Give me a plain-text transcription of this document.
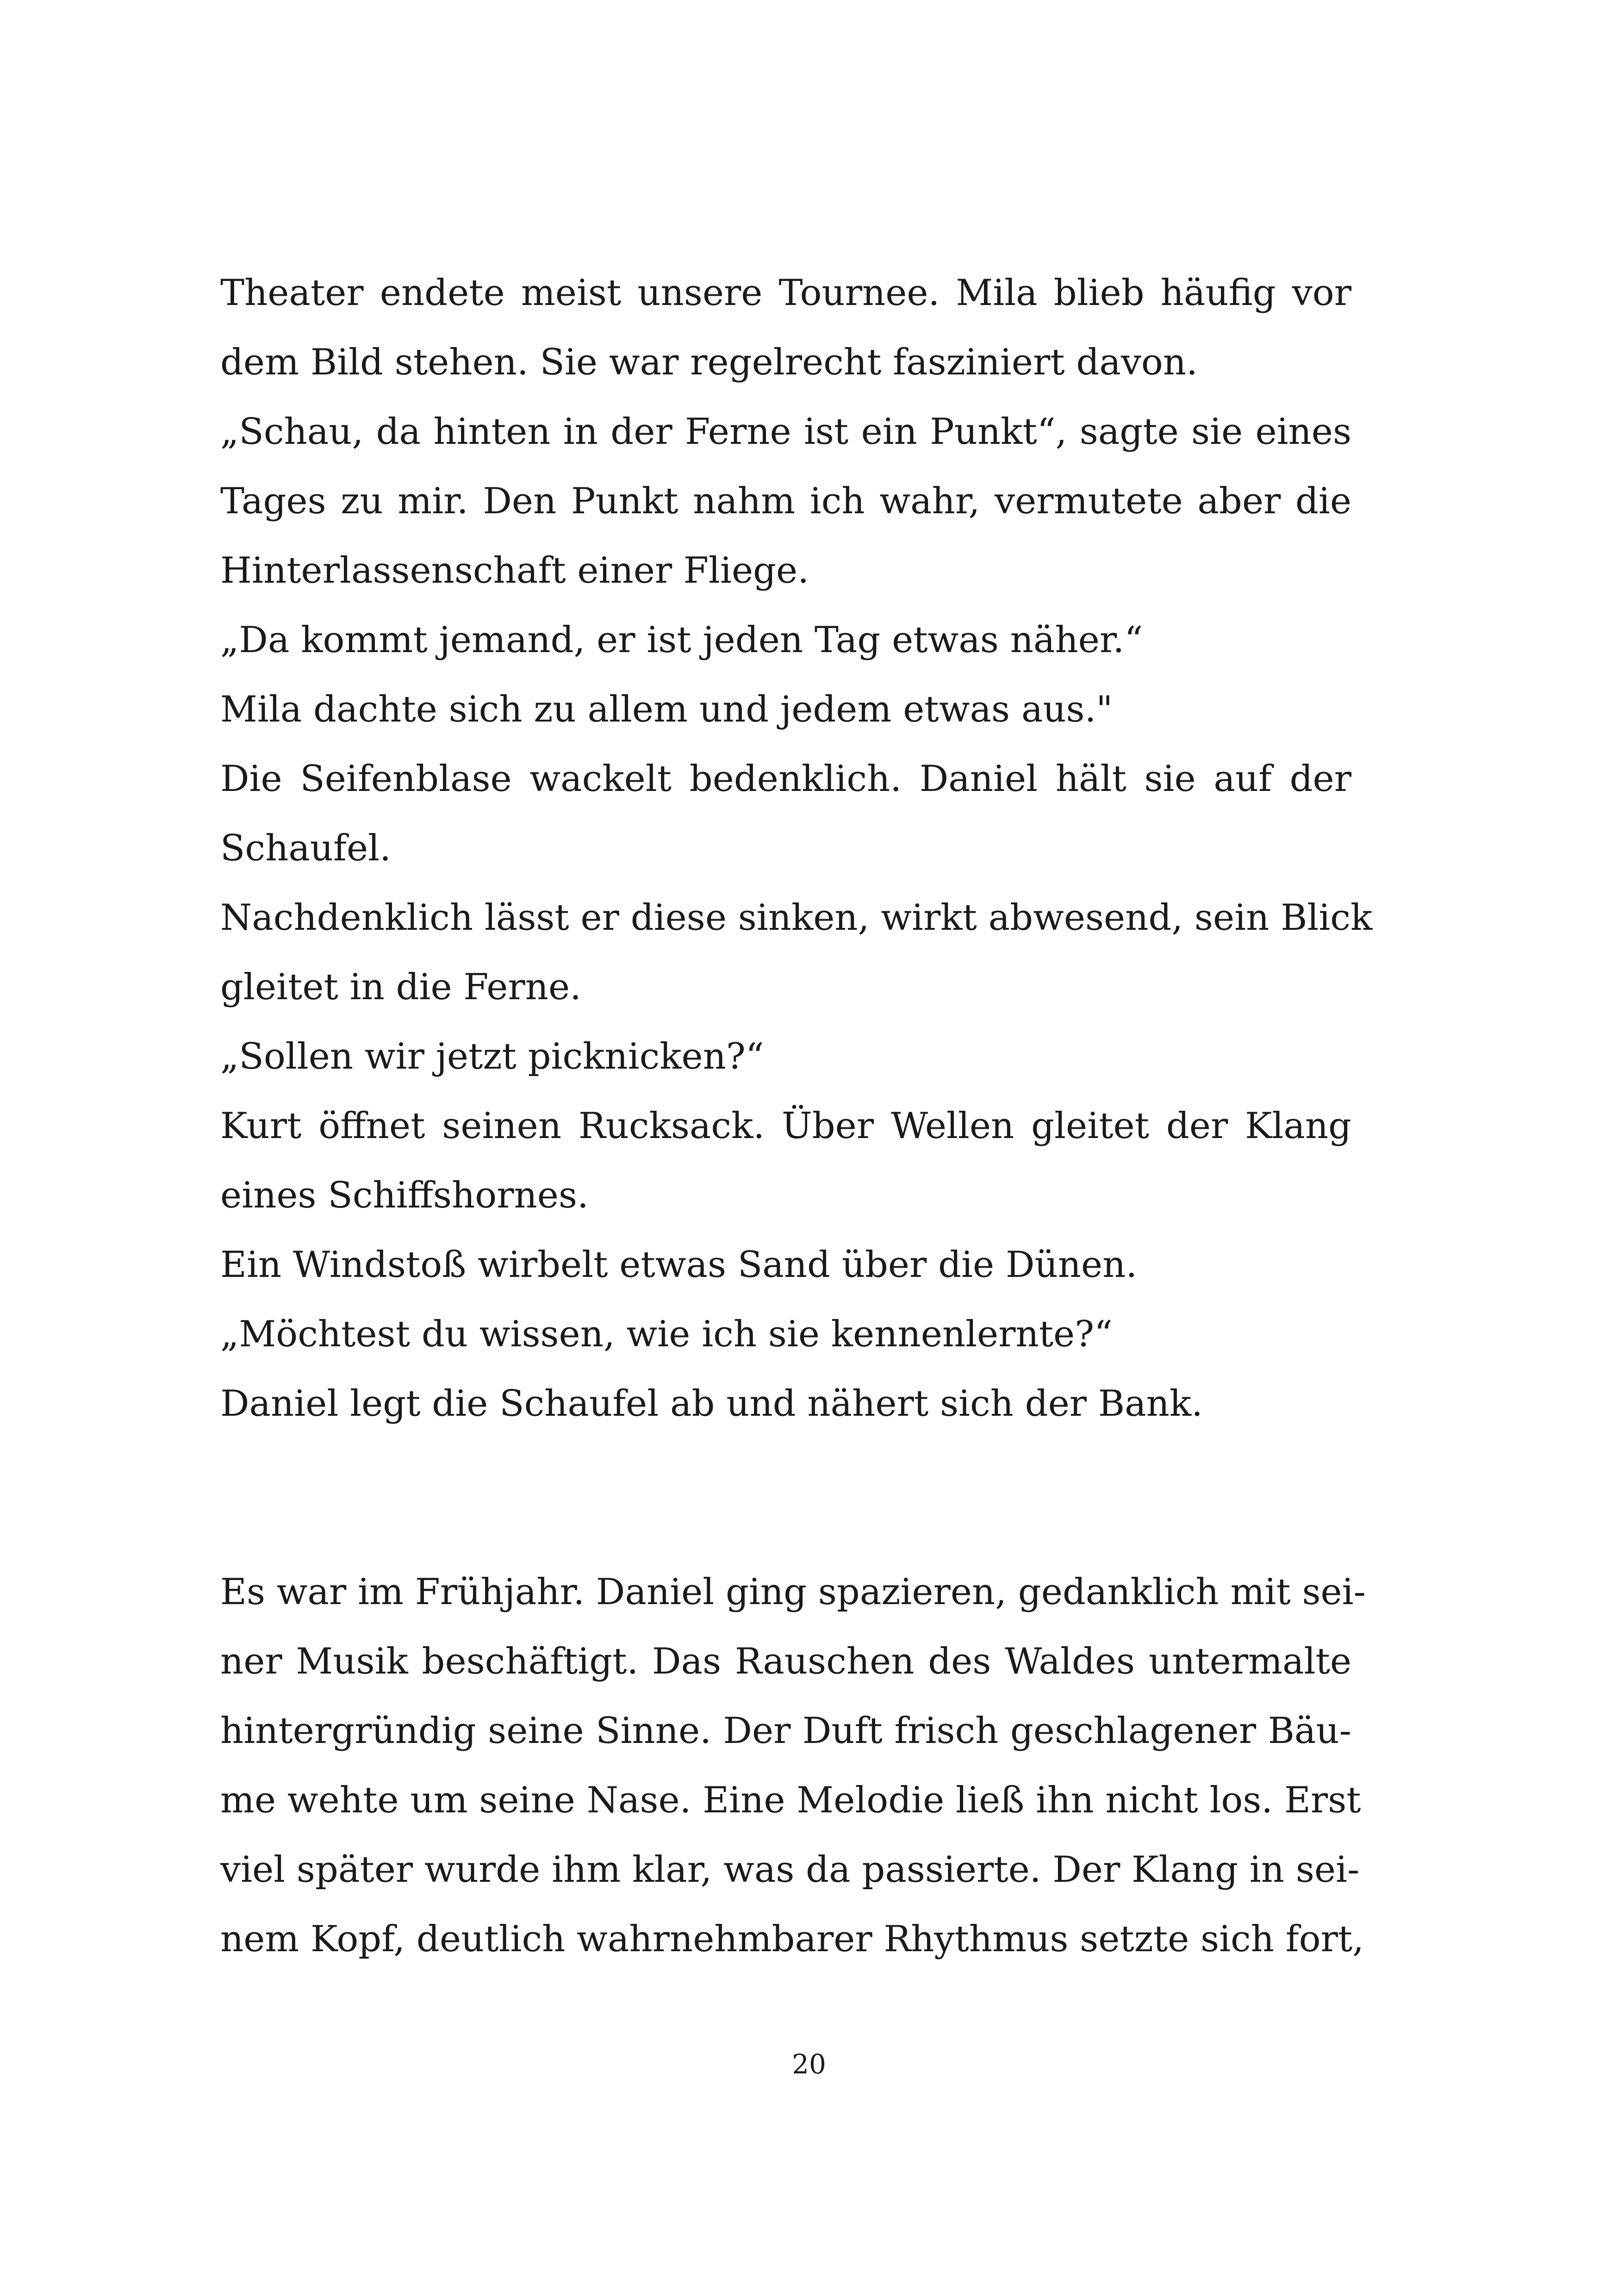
Theater endete meist unsere Tournee. Mila blieb häufig vor
dem Bild stehen. Sie war regelrecht fasziniert davon.
„Schau, da hinten in der Ferne ist ein Punkt“, sagte sie eines
Tages zu mir. Den Punkt nahm ich wahr, vermutete aber die
Hinterlassenschaft einer Fliege.
„Da kommt jemand, er ist jeden Tag etwas näher.“
Mila dachte sich zu allem und jedem etwas aus."
Die Seifenblase wackelt bedenklich. Daniel hält sie auf der
Schaufel.
Nachdenklich lässt er diese sinken, wirkt abwesend, sein Blick
gleitet in die Ferne.
„Sollen wir jetzt picknicken?“
Kurt öffnet seinen Rucksack. Über Wellen gleitet der Klang
eines Schiffshornes.
Ein Windstoß wirbelt etwas Sand über die Dünen.
„Möchtest du wissen, wie ich sie kennenlernte?“
Daniel legt die Schaufel ab und nähert sich der Bank.
Es war im Frühjahr. Daniel ging spazieren, gedanklich mit sei-
ner Musik beschäftigt. Das Rauschen des Waldes untermalte
hintergründig seine Sinne. Der Duft frisch geschlagener Bäu-
me wehte um seine Nase. Eine Melodie ließ ihn nicht los. Erst
viel später wurde ihm klar, was da passierte. Der Klang in sei-
nem Kopf, deutlich wahrnehmbarer Rhythmus setzte sich fort,
20
